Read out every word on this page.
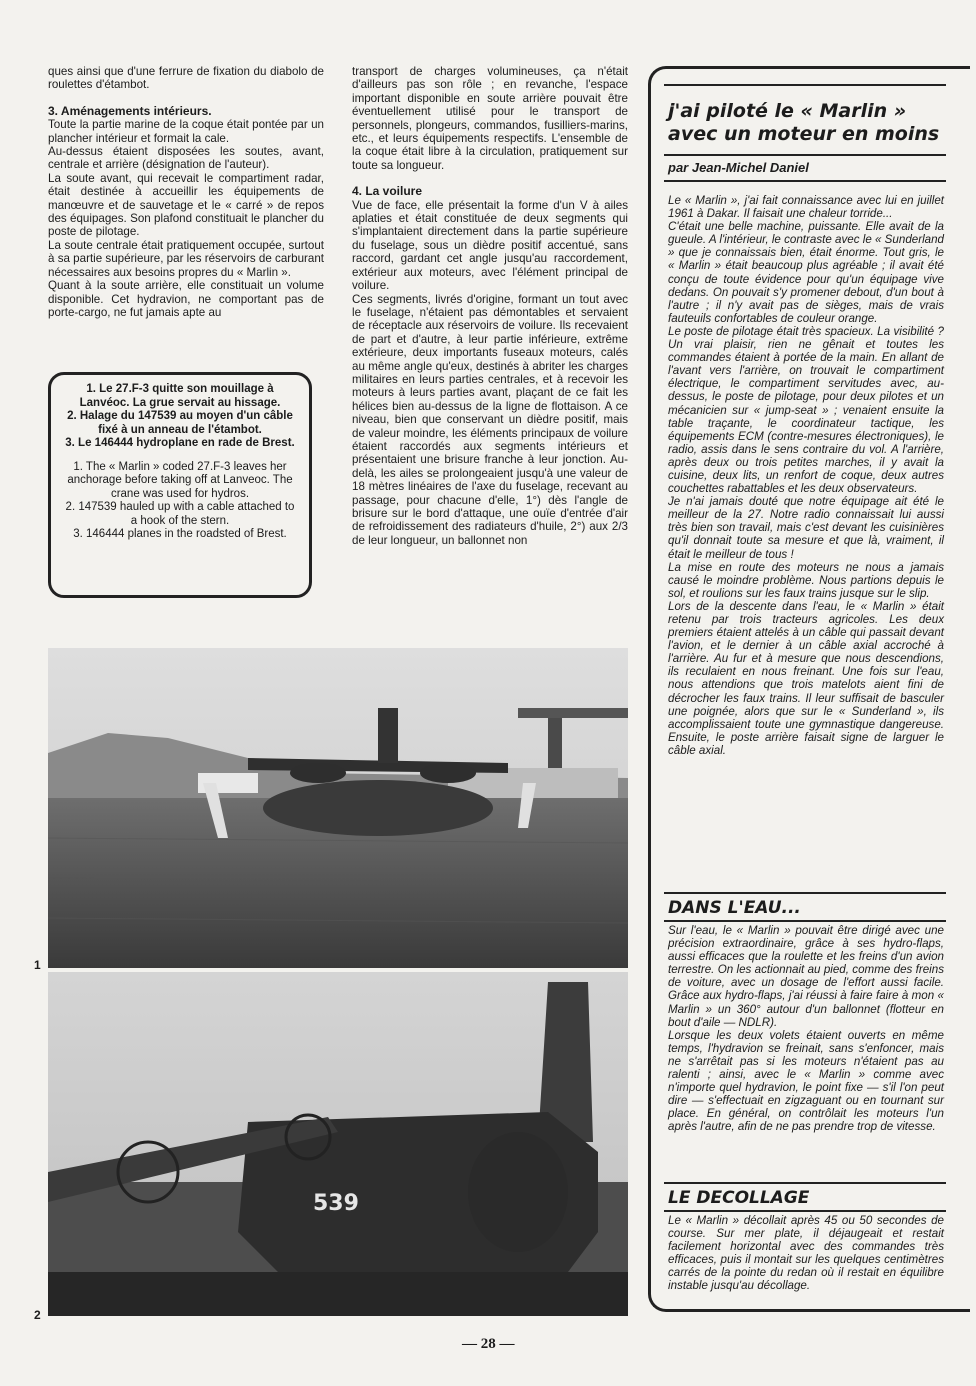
ques ainsi que d'une ferrure de fixation du diabolo de roulettes d'étambot.

3. Aménagements intérieurs.

Toute la partie marine de la coque était pontée par un plancher intérieur et formait la cale.

Au-dessus étaient disposées les soutes, avant, centrale et arrière (désignation de l'auteur).

La soute avant, qui recevait le compartiment radar, était destinée à accueillir les équipements de manœuvre et de sauvetage et le « carré » de repos des équipages. Son plafond constituait le plancher du poste de pilotage.

La soute centrale était pratiquement occupée, surtout à sa partie supérieure, par les réservoirs de carburant nécessaires aux besoins propres du « Marlin ».

Quant à la soute arrière, elle constituait un volume disponible. Cet hydravion, ne comportant pas de porte-cargo, ne fut jamais apte au

1. Le 27.F-3 quitte son mouillage à Lanvéoc. La grue servait au hissage.

2. Halage du 147539 au moyen d'un câble fixé à un anneau de l'étambot.

3. Le 146444 hydroplane en rade de Brest.

1. The « Marlin » coded 27.F-3 leaves her anchorage before taking off at Lanveoc. The crane was used for hydros.

2. 147539 hauled up with a cable attached to a hook of the stern.

3. 146444 planes in the roadsted of Brest.

transport de charges volumineuses, ça n'était d'ailleurs pas son rôle ; en revanche, l'espace important disponible en soute arrière pouvait être éventuellement utilisé pour le transport de personnels, plongeurs, commandos, fusilliers-marins, etc., et leurs équipements respectifs. L'ensemble de la coque était libre à la circulation, pratiquement sur toute sa longueur.

4. La voilure

Vue de face, elle présentait la forme d'un V à ailes aplaties et était constituée de deux segments qui s'implantaient directement dans la partie supérieure du fuselage, sous un dièdre positif accentué, sans raccord, gardant cet angle jusqu'au raccordement, extérieur aux moteurs, avec l'élément principal de voilure.

Ces segments, livrés d'origine, formant un tout avec le fuselage, n'étaient pas démontables et servaient de réceptacle aux réservoirs de voilure. Ils recevaient de part et d'autre, à leur partie inférieure, extrême extérieure, deux importants fuseaux moteurs, calés au même angle qu'eux, destinés à abriter les charges militaires en leurs parties centrales, et à recevoir les moteurs à leurs parties avant, plaçant de ce fait les hélices bien au-dessus de la ligne de flottaison. A ce niveau, bien que conservant un dièdre positif, mais de valeur moindre, les éléments principaux de voilure étaient raccordés aux segments intérieurs et présentaient une brisure franche à leur jonction. Au-delà, les ailes se prolongeaient jusqu'à une valeur de 18 mètres linéaires de l'axe du fuselage, recevant au passage, pour chacune d'elle, 1°) dès l'angle de brisure sur le bord d'attaque, une ouïe d'entrée d'air de refroidissement des radiateurs d'huile, 2°) aux 2/3 de leur longueur, un ballonnet non

1
539
2
j'ai piloté le « Marlin » avec un moteur en moins
par Jean-Michel Daniel

Le « Marlin », j'ai fait connaissance avec lui en juillet 1961 à Dakar. Il faisait une chaleur torride...

C'était une belle machine, puissante. Elle avait de la gueule. A l'intérieur, le contraste avec le « Sunderland » que je connaissais bien, était énorme. Tout gris, le « Marlin » était beaucoup plus agréable ; il avait été conçu de toute évidence pour qu'un équipage vive dedans. On pouvait s'y promener debout, d'un bout à l'autre ; il n'y avait pas de sièges, mais de vrais fauteuils confortables de couleur orange.

Le poste de pilotage était très spacieux. La visibilité ? Un vrai plaisir, rien ne gênait et toutes les commandes étaient à portée de la main. En allant de l'avant vers l'arrière, on trouvait le compartiment électrique, le compartiment servitudes avec, au-dessus, le poste de pilotage, pour deux pilotes et un mécanicien sur « jump-seat » ; venaient ensuite la table traçante, le coordinateur tactique, les équipements ECM (contre-mesures électroniques), le radio, assis dans le sens contraire du vol. A l'arrière, après deux ou trois petites marches, il y avait la cuisine, deux lits, un renfort de coque, deux autres couchettes rabattables et les deux observateurs.

Je n'ai jamais douté que notre équipage ait été le meilleur de la 27. Notre radio connaissait lui aussi très bien son travail, mais c'est devant les cuisinières qu'il donnait toute sa mesure et que là, vraiment, il était le meilleur de tous !

La mise en route des moteurs ne nous a jamais causé le moindre problème. Nous partions depuis le sol, et roulions sur les faux trains jusque sur le slip.

Lors de la descente dans l'eau, le « Marlin » était retenu par trois tracteurs agricoles. Les deux premiers étaient attelés à un câble qui passait devant l'avion, et le dernier à un câble axial accroché à l'arrière. Au fur et à mesure que nous descendions, ils reculaient en nous freinant. Une fois sur l'eau, nous attendions que trois matelots aient fini de décrocher les faux trains. Il leur suffisait de basculer une poignée, alors que sur le « Sunderland », ils accomplissaient toute une gymnastique dangereuse. Ensuite, le poste arrière faisait signe de larguer le câble axial.

DANS L'EAU...

Sur l'eau, le « Marlin » pouvait être dirigé avec une précision extraordinaire, grâce à ses hydro-flaps, aussi efficaces que la roulette et les freins d'un avion terrestre. On les actionnait au pied, comme des freins de voiture, avec un dosage de l'effort aussi facile. Grâce aux hydro-flaps, j'ai réussi à faire faire à mon « Marlin » un 360° autour d'un ballonnet (flotteur en bout d'aile — NDLR).

Lorsque les deux volets étaient ouverts en même temps, l'hydravion se freinait, sans s'enfoncer, mais ne s'arrêtait pas si les moteurs n'étaient pas au ralenti ; ainsi, avec le « Marlin » comme avec n'importe quel hydravion, le point fixe — s'il l'on peut dire — s'effectuait en zigzaguant ou en tournant sur place. En général, on contrôlait les moteurs l'un après l'autre, afin de ne pas prendre trop de vitesse.

LE DECOLLAGE

Le « Marlin » décollait après 45 ou 50 secondes de course. Sur mer plate, il déjaugeait et restait facilement horizontal avec des commandes très efficaces, puis il montait sur les quelques centimètres carrés de la pointe du redan où il restait en équilibre instable jusqu'au décollage.

— 28 —
